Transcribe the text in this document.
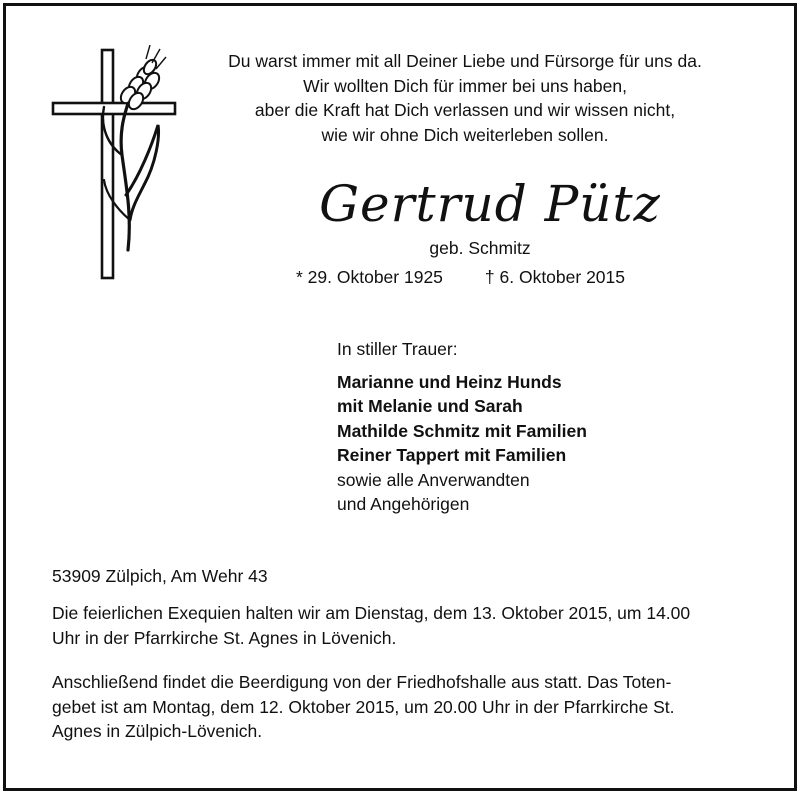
Du warst immer mit all Deiner Liebe und Fürsorge für uns da.
Wir wollten Dich für immer bei uns haben,
aber die Kraft hat Dich verlassen und wir wissen nicht,
wie wir ohne Dich weiterleben sollen.
Gertrud Pütz
geb. Schmitz
* 29. Oktober 1925 † 6. Oktober 2015
In stiller Trauer:
Marianne und Heinz Hunds
mit Melanie und Sarah
Mathilde Schmitz mit Familien
Reiner Tappert mit Familien
sowie alle Anverwandten
und Angehörigen
53909 Zülpich, Am Wehr 43
Die feierlichen Exequien halten wir am Dienstag, dem 13. Oktober 2015, um 14.00
Uhr in der Pfarrkirche St. Agnes in Lövenich.
Anschließend findet die Beerdigung von der Friedhofshalle aus statt. Das Toten-
gebet ist am Montag, dem 12. Oktober 2015, um 20.00 Uhr in der Pfarrkirche St.
Agnes in Zülpich-Lövenich.
